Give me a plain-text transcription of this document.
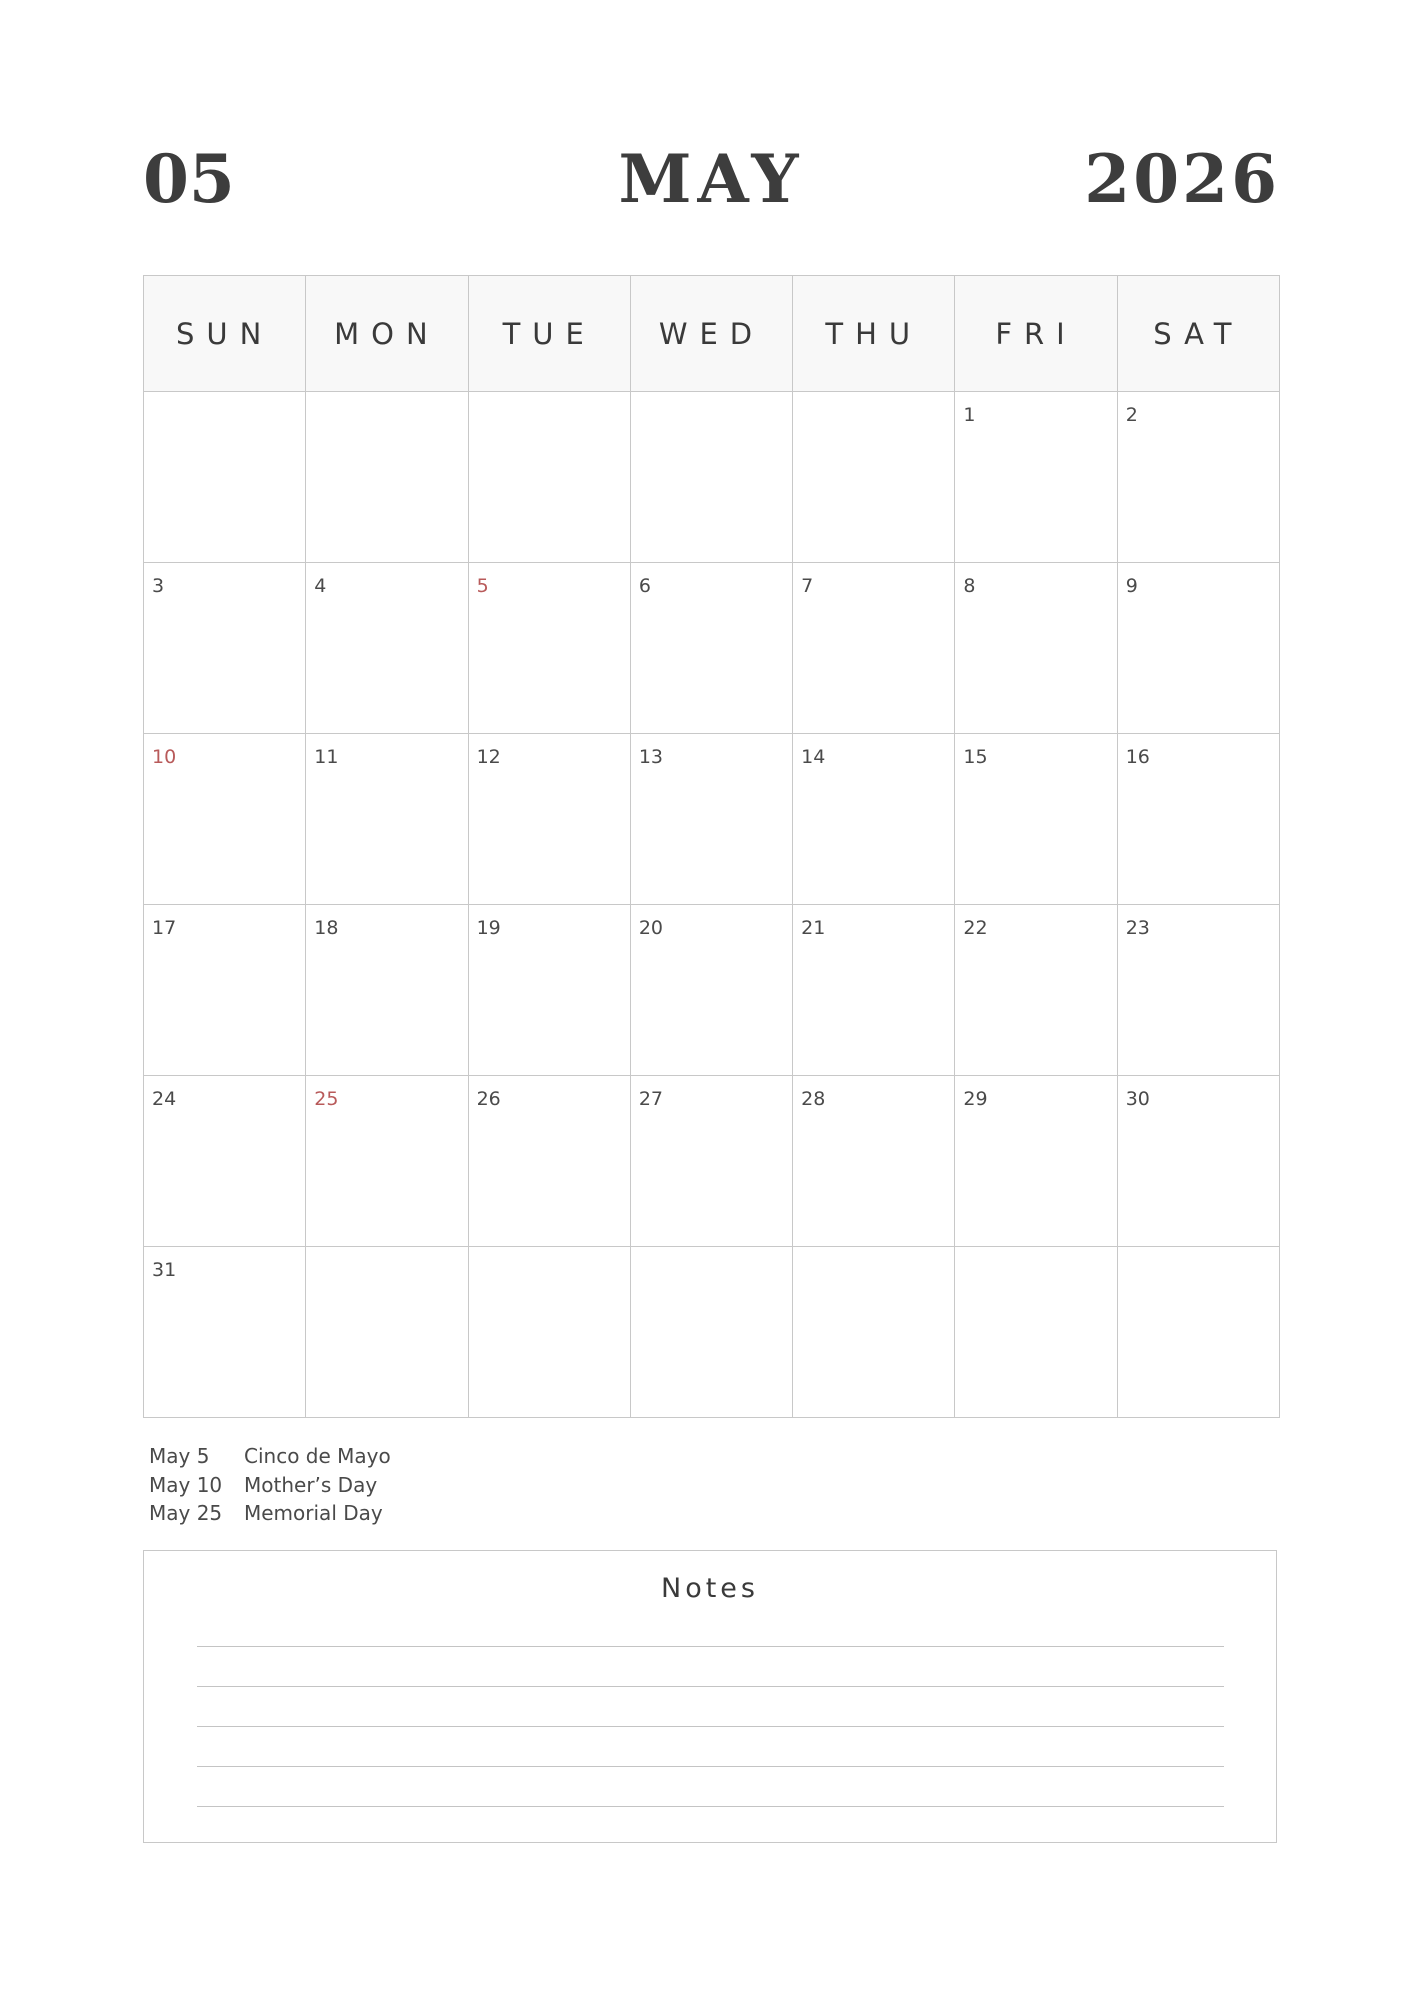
05	MAY	2026
SUN	MON	TUE	WED	THU	FRI	SAT

					1	2

3	4	5	6	7	8	9

10	11	12	13	14	15	16

17	18	19	20	21	22	23

24	25	26	27	28	29	30

31						

May 5	Cinco de Mayo
May 10	Mother’s Day
May 25	Memorial Day
Notes
